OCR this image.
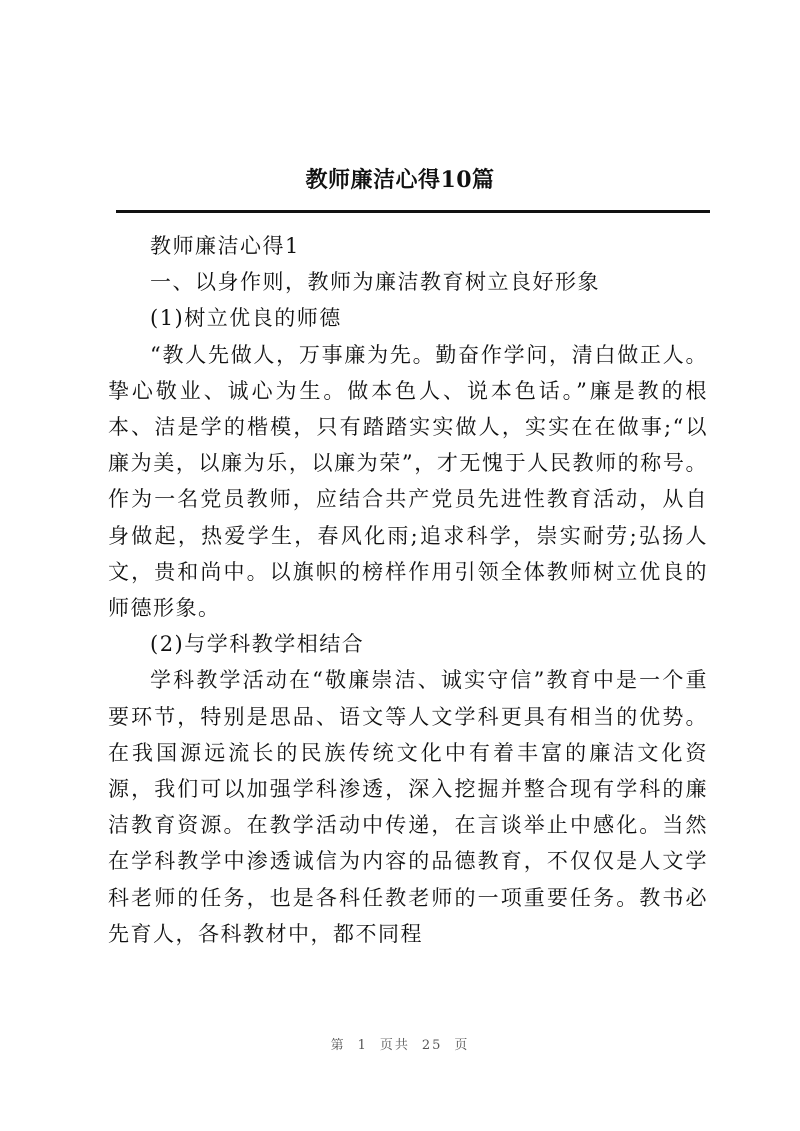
教师廉洁心得10篇

教师廉洁心得1

一、以身作则，教师为廉洁教育树立良好形象

(1)树立优良的师德

“教人先做人，万事廉为先。勤奋作学问，清白做正人。挚心敬业、诚心为生。做本色人、说本色话。”廉是教的根本、洁是学的楷模，只有踏踏实实做人，实实在在做事;“以廉为美，以廉为乐，以廉为荣”，才无愧于人民教师的称号。作为一名党员教师，应结合共产党员先进性教育活动，从自身做起，热爱学生，春风化雨;追求科学，崇实耐劳;弘扬人文，贵和尚中。以旗帜的榜样作用引领全体教师树立优良的师德形象。

(2)与学科教学相结合

学科教学活动在“敬廉崇洁、诚实守信”教育中是一个重要环节，特别是思品、语文等人文学科更具有相当的优势。在我国源远流长的民族传统文化中有着丰富的廉洁文化资源，我们可以加强学科渗透，深入挖掘并整合现有学科的廉洁教育资源。在教学活动中传递，在言谈举止中感化。当然在学科教学中渗透诚信为内容的品德教育，不仅仅是人文学科老师的任务，也是各科任教老师的一项重要任务。教书必先育人，各科教材中，都不同程

第 1 页共 25 页
